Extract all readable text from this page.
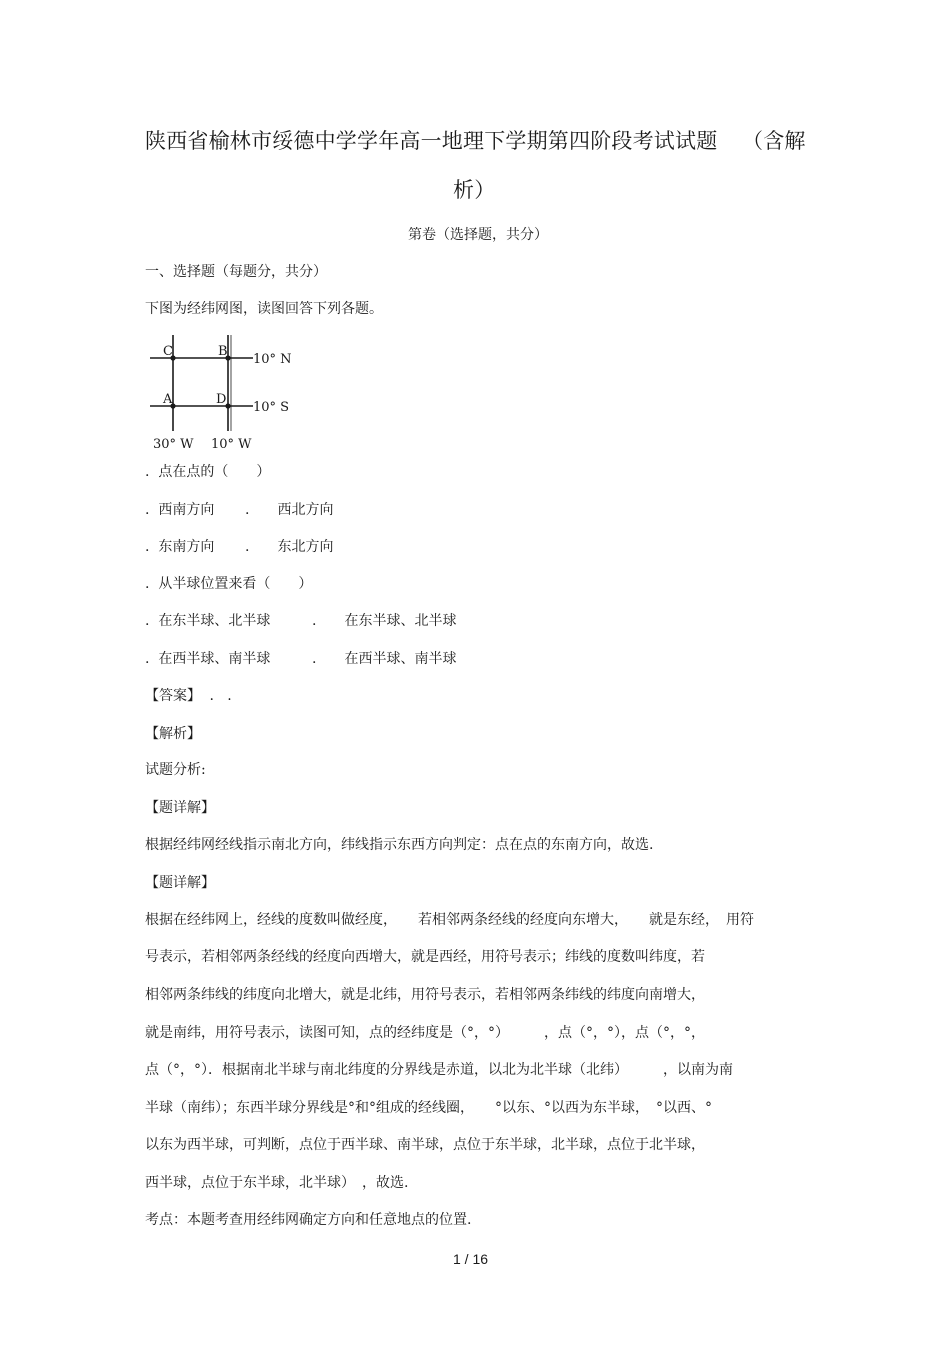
陕西省榆林市绥德中学学年高一地理下学期第四阶段考试试题 （含解
析）
第卷（选择题，共分）
一、选择题（每题分，共分）
下图为经纬网图，读图回答下列各题。
C	B
A	D
10° N
10° S
30° W 10° W
.  点在点的（　　）
.  西南方向 .　　西北方向
.  东南方向 .　　东北方向
.  从半球位置来看（　　）
.  在东半球、北半球	.　　在东半球、北半球
.  在西半球、南半球	.　　在西半球、南半球
【答案】 .   .
【解析】
试题分析:
【题详解】
根据经纬网经线指示南北方向，纬线指示东西方向判定：点在点的东南方向，故选.
【题详解】
根据在经纬网上，经线的度数叫做经度，　　若相邻两条经线的经度向东增大，　　就是东经，　用符
号表示，若相邻两条经线的经度向西增大，就是西经，用符号表示；纬线的度数叫纬度，若
相邻两条纬线的纬度向北增大，就是北纬，用符号表示，若相邻两条纬线的纬度向南增大，
就是南纬，用符号表示，读图可知，点的经纬度是（°，°）　　　，点（°，°），点（°，°，
点（°，°）．根据南北半球与南北纬度的分界线是赤道，以北为北半球（北纬）　　　，以南为南
半球（南纬）；东西半球分界线是°和°组成的经线圈，　　°以东、°以西为东半球，　°以西、°
以东为西半球，可判断，点位于西半球、南半球，点位于东半球，北半球，点位于北半球，
西半球，点位于东半球，北半球）　，故选.
考点：本题考查用经纬网确定方向和任意地点的位置.
1 / 16
